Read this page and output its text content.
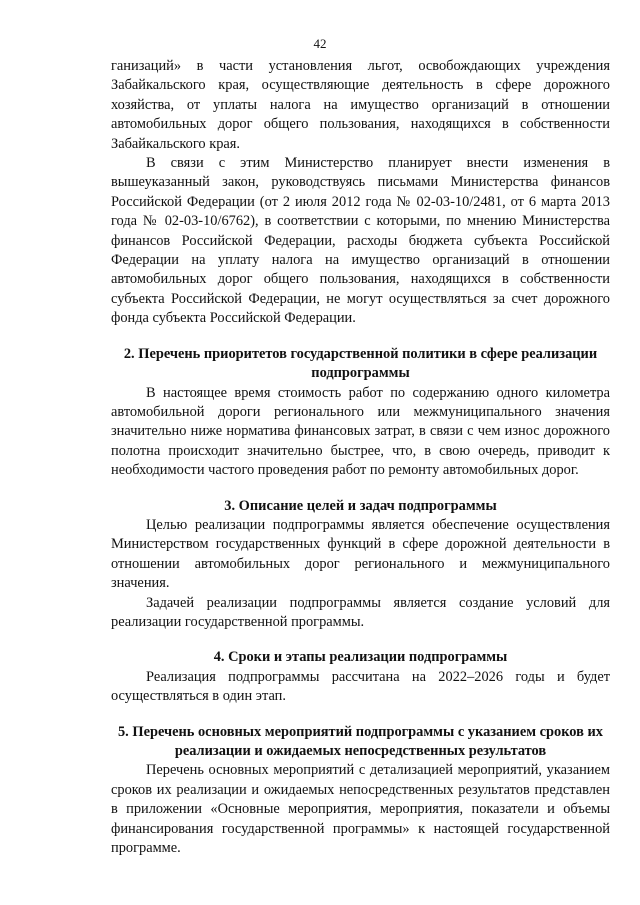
42

ганизаций» в части установления льгот, освобождающих учреждения Забайкальского края, осуществляющие деятельность в сфере дорожного хозяйства, от уплаты налога на имущество организаций в отношении автомобильных дорог общего пользования, находящихся в собственности Забайкальского края.

В связи с этим Министерство планирует внести изменения в вышеуказанный закон, руководствуясь письмами Министерства финансов Российской Федерации (от 2 июля 2012 года № 02-03-10/2481, от 6 марта 2013 года № 02-03-10/6762), в соответствии с которыми, по мнению Министерства финансов Российской Федерации, расходы бюджета субъекта Российской Федерации на уплату налога на имущество организаций в отношении автомобильных дорог общего пользования, находящихся в собственности субъекта Российской Федерации, не могут осуществляться за счет дорожного фонда субъекта Российской Федерации.

2. Перечень приоритетов государственной политики в сфере реализации подпрограммы

В настоящее время стоимость работ по содержанию одного километра автомобильной дороги регионального или межмуниципального значения значительно ниже норматива финансовых затрат, в связи с чем износ дорожного полотна происходит значительно быстрее, что, в свою очередь, приводит к необходимости частого проведения работ по ремонту автомобильных дорог.

3. Описание целей и задач подпрограммы

Целью реализации подпрограммы является обеспечение осуществления Министерством государственных функций в сфере дорожной деятельности в отношении автомобильных дорог регионального и межмуниципального значения.

Задачей реализации подпрограммы является создание условий для реализации государственной программы.

4. Сроки и этапы реализации подпрограммы

Реализация подпрограммы рассчитана на 2022–2026 годы и будет осуществляться в один этап.

5. Перечень основных мероприятий подпрограммы с указанием сроков их реализации и ожидаемых непосредственных результатов

Перечень основных мероприятий с детализацией мероприятий, указанием сроков их реализации и ожидаемых непосредственных результатов представлен в приложении «Основные мероприятия, мероприятия, показатели и объемы финансирования государственной программы» к настоящей государственной программе.
